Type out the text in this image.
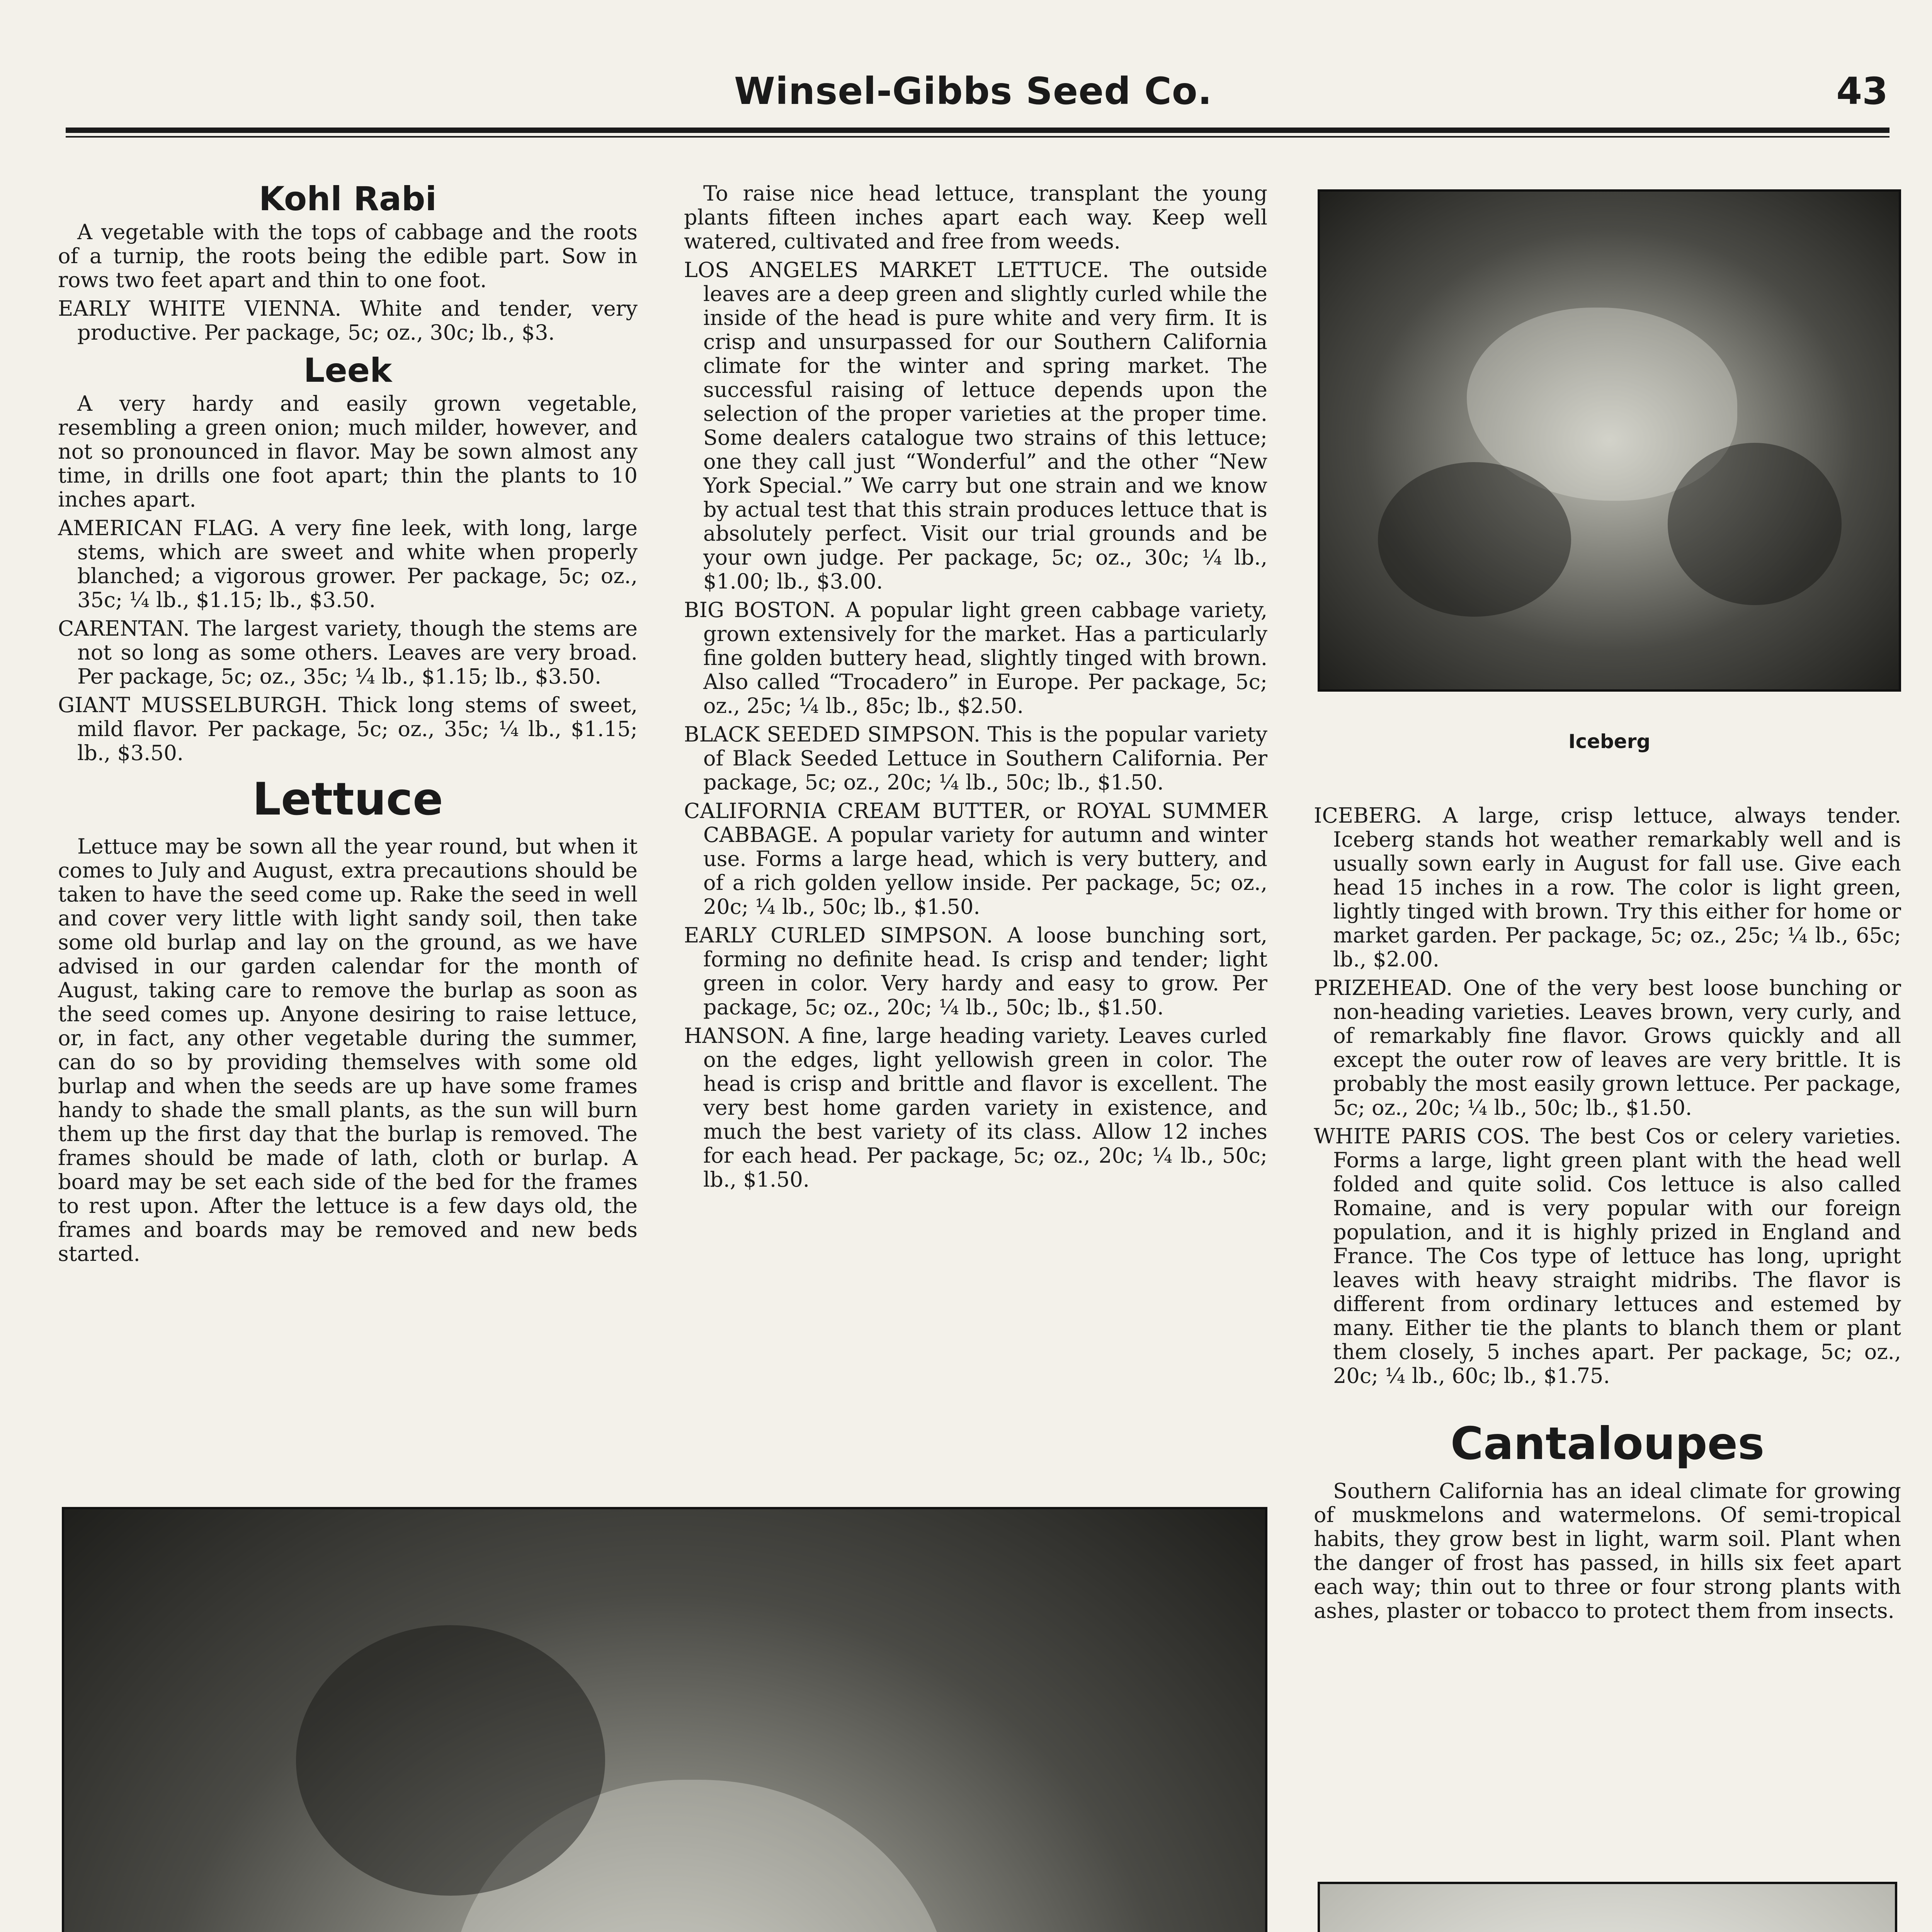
Winsel-Gibbs Seed Co.	43
Kohl Rabi

A vegetable with the tops of cabbage and the roots of a turnip, the roots being the edible part. Sow in rows two feet apart and thin to one foot.

EARLY WHITE VIENNA. White and tender, very productive. Per package, 5c; oz., 30c; lb., $3.

Leek

A very hardy and easily grown vegetable, resembling a green onion; much milder, however, and not so pronounced in flavor. May be sown almost any time, in drills one foot apart; thin the plants to 10 inches apart.

AMERICAN FLAG. A very fine leek, with long, large stems, which are sweet and white when properly blanched; a vigorous grower. Per package, 5c; oz., 35c; ¼ lb., $1.15; lb., $3.50.

CARENTAN. The largest variety, though the stems are not so long as some others. Leaves are very broad. Per package, 5c; oz., 35c; ¼ lb., $1.15; lb., $3.50.

GIANT MUSSELBURGH. Thick long stems of sweet, mild flavor. Per package, 5c; oz., 35c; ¼ lb., $1.15; lb., $3.50.

Lettuce

Lettuce may be sown all the year round, but when it comes to July and August, extra precautions should be taken to have the seed come up. Rake the seed in well and cover very little with light sandy soil, then take some old burlap and lay on the ground, as we have advised in our garden calendar for the month of August, taking care to remove the burlap as soon as the seed comes up. Anyone desiring to raise lettuce, or, in fact, any other vegetable during the summer, can do so by providing themselves with some old burlap and when the seeds are up have some frames handy to shade the small plants, as the sun will burn them up the first day that the burlap is removed. The frames should be made of lath, cloth or burlap. A board may be set each side of the bed for the frames to rest upon. After the lettuce is a few days old, the frames and boards may be removed and new beds started.

To raise nice head lettuce, transplant the young plants fifteen inches apart each way. Keep well watered, cultivated and free from weeds.

LOS ANGELES MARKET LETTUCE. The outside leaves are a deep green and slightly curled while the inside of the head is pure white and very firm. It is crisp and unsurpassed for our Southern California climate for the winter and spring market. The successful raising of lettuce depends upon the selection of the proper varieties at the proper time. Some dealers catalogue two strains of this lettuce; one they call just “Wonderful” and the other “New York Special.” We carry but one strain and we know by actual test that this strain produces lettuce that is absolutely perfect. Visit our trial grounds and be your own judge. Per package, 5c; oz., 30c; ¼ lb., $1.00; lb., $3.00.

BIG BOSTON. A popular light green cabbage variety, grown extensively for the market. Has a particularly fine golden buttery head, slightly tinged with brown. Also called “Trocadero” in Europe. Per package, 5c; oz., 25c; ¼ lb., 85c; lb., $2.50.

BLACK SEEDED SIMPSON. This is the popular variety of Black Seeded Lettuce in Southern California. Per package, 5c; oz., 20c; ¼ lb., 50c; lb., $1.50.

CALIFORNIA CREAM BUTTER, or ROYAL SUMMER CABBAGE. A popular variety for autumn and winter use. Forms a large head, which is very buttery, and of a rich golden yellow inside. Per package, 5c; oz., 20c; ¼ lb., 50c; lb., $1.50.

EARLY CURLED SIMPSON. A loose bunching sort, forming no definite head. Is crisp and tender; light green in color. Very hardy and easy to grow. Per package, 5c; oz., 20c; ¼ lb., 50c; lb., $1.50.

HANSON. A fine, large heading variety. Leaves curled on the edges, light yellowish green in color. The head is crisp and brittle and flavor is excellent. The very best home garden variety in existence, and much the best variety of its class. Allow 12 inches for each head. Per package, 5c; oz., 20c; ¼ lb., 50c; lb., $1.50.

Iceberg

ICEBERG. A large, crisp lettuce, always tender. Iceberg stands hot weather remarkably well and is usually sown early in August for fall use. Give each head 15 inches in a row. The color is light green, lightly tinged with brown. Try this either for home or market garden. Per package, 5c; oz., 25c; ¼ lb., 65c; lb., $2.00.

PRIZEHEAD. One of the very best loose bunching or non-heading varieties. Leaves brown, very curly, and of remarkably fine flavor. Grows quickly and all except the outer row of leaves are very brittle. It is probably the most easily grown lettuce. Per package, 5c; oz., 20c; ¼ lb., 50c; lb., $1.50.

WHITE PARIS COS. The best Cos or celery varieties. Forms a large, light green plant with the head well folded and quite solid. Cos lettuce is also called Romaine, and is very popular with our foreign population, and it is highly prized in England and France. The Cos type of lettuce has long, upright leaves with heavy straight midribs. The flavor is different from ordinary lettuces and estemed by many. Either tie the plants to blanch them or plant them closely, 5 inches apart. Per package, 5c; oz., 20c; ¼ lb., 60c; lb., $1.75.

Cantaloupes

Southern California has an ideal climate for growing of muskmelons and watermelons. Of semi-tropical habits, they grow best in light, warm soil. Plant when the danger of frost has passed, in hills six feet apart each way; thin out to three or four strong plants with ashes, plaster or tobacco to protect them from insects.
